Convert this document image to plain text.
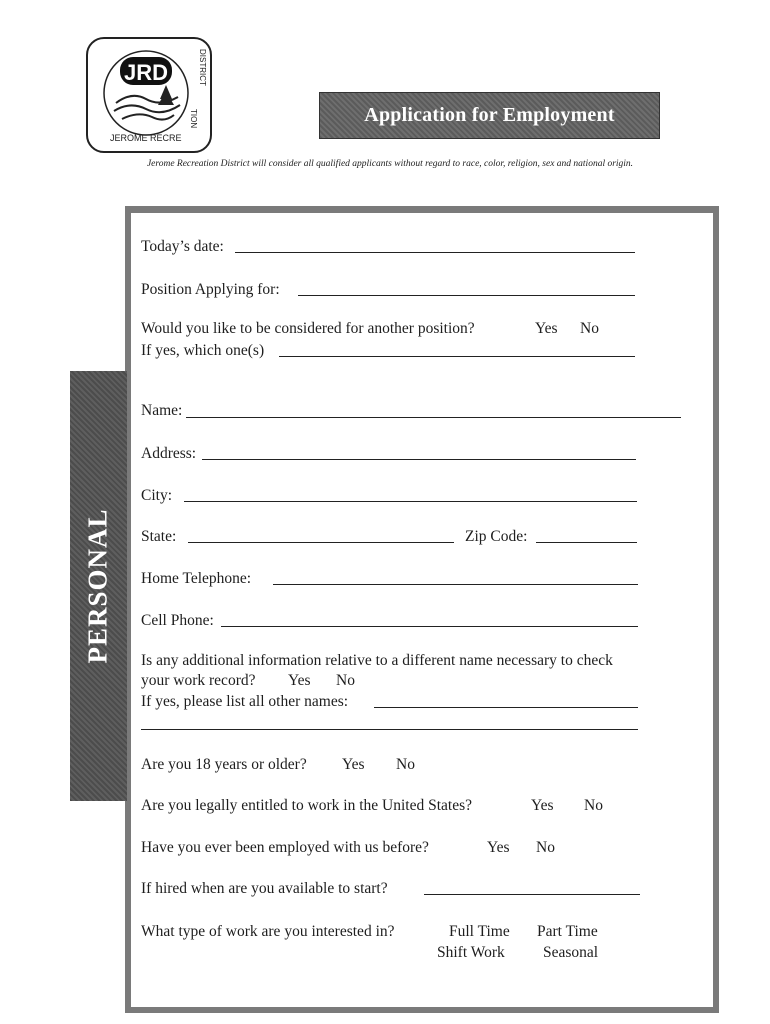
JRD
JEROME RECRE
DISTRICT
TION	Application for Employment
Jerome Recreation District will consider all qualified applicants without regard to race, color, religion, sex and national origin.
PERSONAL
Today’s date:
Position Applying for:
Would you like to be considered for another position?	Yes No
If yes, which one(s)
Name:
Address:
City:
State:	Zip Code:
Home Telephone:
Cell Phone:
Is any additional information relative to a different name necessary to check
your work record? Yes No
If yes, please list all other names:
Are you 18 years or older? Yes No
Are you legally entitled to work in the United States?	Yes No
Have you ever been employed with us before?	Yes No
If hired when are you available to start?
What type of work are you interested in?	Full Time Part Time
Shift Work Seasonal
